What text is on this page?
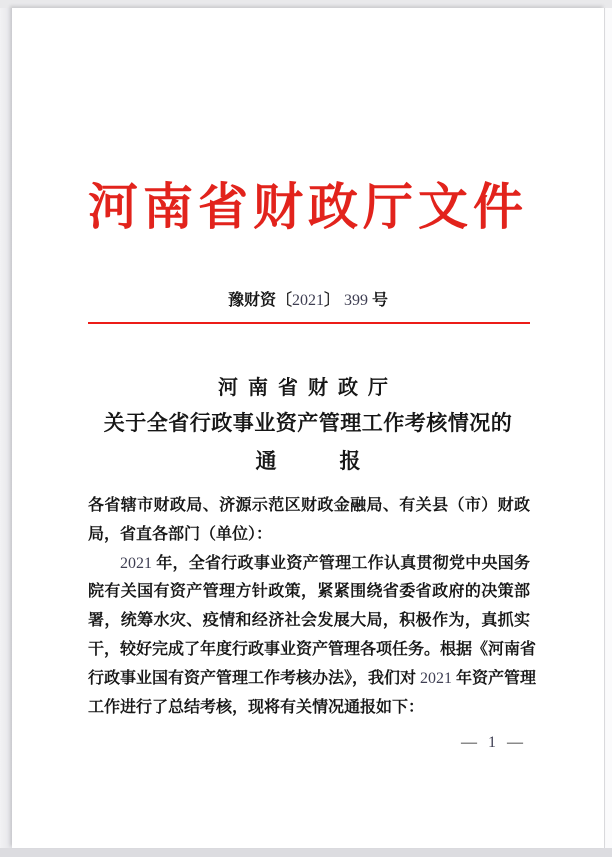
河南省财政厅文件
豫财资〔2021〕 399 号
河南省财政厅
关于全省行政事业资产管理工作考核情况的
通　　　报
各省辖市财政局、济源示范区财政金融局、有关县（市）财政
局，省直各部门（单位）：
2021 年，全省行政事业资产管理工作认真贯彻党中央国务
院有关国有资产管理方针政策，紧紧围绕省委省政府的决策部
署，统筹水灾、疫情和经济社会发展大局，积极作为，真抓实
干，较好完成了年度行政事业资产管理各项任务。根据《河南省
行政事业国有资产管理工作考核办法》，我们对 2021 年资产管理
工作进行了总结考核，现将有关情况通报如下：
— 1 —
